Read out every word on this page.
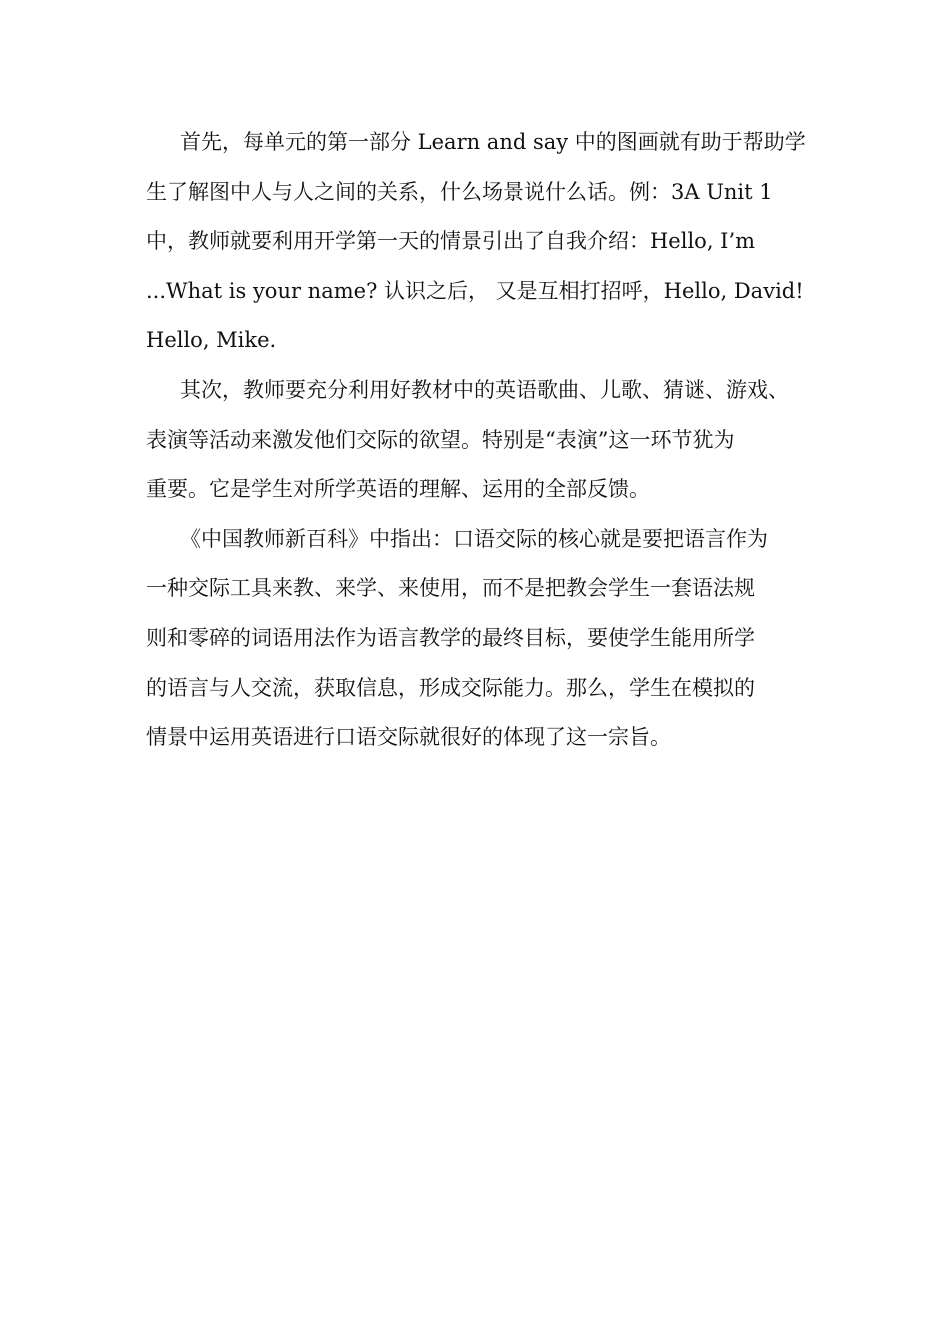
首先，每单元的第一部分 Learn and say 中的图画就有助于帮助学
生了解图中人与人之间的关系，什么场景说什么话。例：3A Unit 1
中，教师就要利用开学第一天的情景引出了自我介绍：Hello, I’m
...What is your name? 认识之后， 又是互相打招呼，Hello, David!
Hello, Mike.
其次，教师要充分利用好教材中的英语歌曲、儿歌、猜谜、游戏、
表演等活动来激发他们交际的欲望。特别是“表演”这一环节犹为
重要。它是学生对所学英语的理解、运用的全部反馈。
《中国教师新百科》中指出：口语交际的核心就是要把语言作为
一种交际工具来教、来学、来使用，而不是把教会学生一套语法规
则和零碎的词语用法作为语言教学的最终目标，要使学生能用所学
的语言与人交流，获取信息，形成交际能力。那么，学生在模拟的
情景中运用英语进行口语交际就很好的体现了这一宗旨。
